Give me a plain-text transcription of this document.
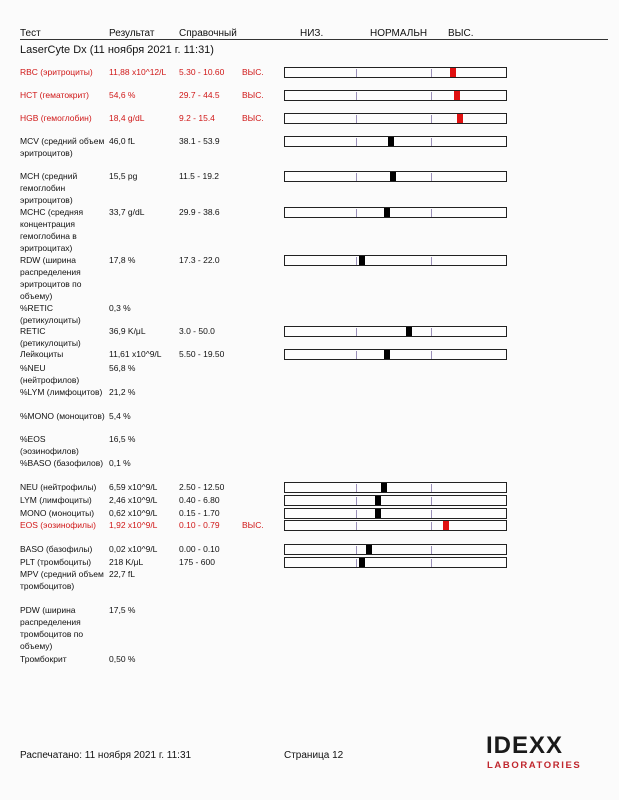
Тест	Результат Справочный	НИЗ.	НОРМАЛЬН ВЫС.
LaserCyte Dx (11 ноября 2021 г. 11:31)
RBC (эритроциты)	11,88 x10^12/L 5.30 - 10.60 ВЫС.
HCT (гематокрит)	54,6 %	29.7 - 44.5	ВЫС.
HGB (гемоглобин)	18,4 g/dL	9.2 - 15.4	ВЫС.
MCV (средний объем эритроцитов)
46,0 fL	38.1 - 53.9
MCH (средний гемоглобин эритроцитов)
15,5 pg	11.5 - 19.2
MCHC (средняя концентрация гемоглобина в эритроцитах)
33,7 g/dL	29.9 - 38.6
RDW (ширина распределения эритроцитов по объему)
17,8 %	17.3 - 22.0
%RETIC (ретикулоциты)
0,3 %
RETIC (ретикулоциты)
36,9 K/μL	3.0 - 50.0
Лейкоциты	11,61 x10^9/L 5.50 - 19.50
%NEU (нейтрофилов)
56,8 %
%LYM (лимфоцитов) 21,2 %
%MONO (моноцитов) 5,4 %
%EOS (эозинофилов)
16,5 %
%BASO (базофилов) 0,1 %
NEU (нейтрофилы)	6,59 x10^9/L	2.50 - 12.50
LYM (лимфоциты)	2,46 x10^9/L	0.40 - 6.80
MONO (моноциты)	0,62 x10^9/L	0.15 - 1.70
EOS (эозинофилы)	1,92 x10^9/L	0.10 - 0.79	ВЫС.
BASO (базофилы)	0,02 x10^9/L	0.00 - 0.10
PLT (тромбоциты)	218 K/μL	175 - 600
MPV (средний объем тромбоцитов)
22,7 fL
PDW (ширина распределения тромбоцитов по объему)
17,5 %
Тромбокрит	0,50 %
Распечатано: 11 ноября 2021 г. 11:31	Страница 12	IDEXX
LABORATORIES
